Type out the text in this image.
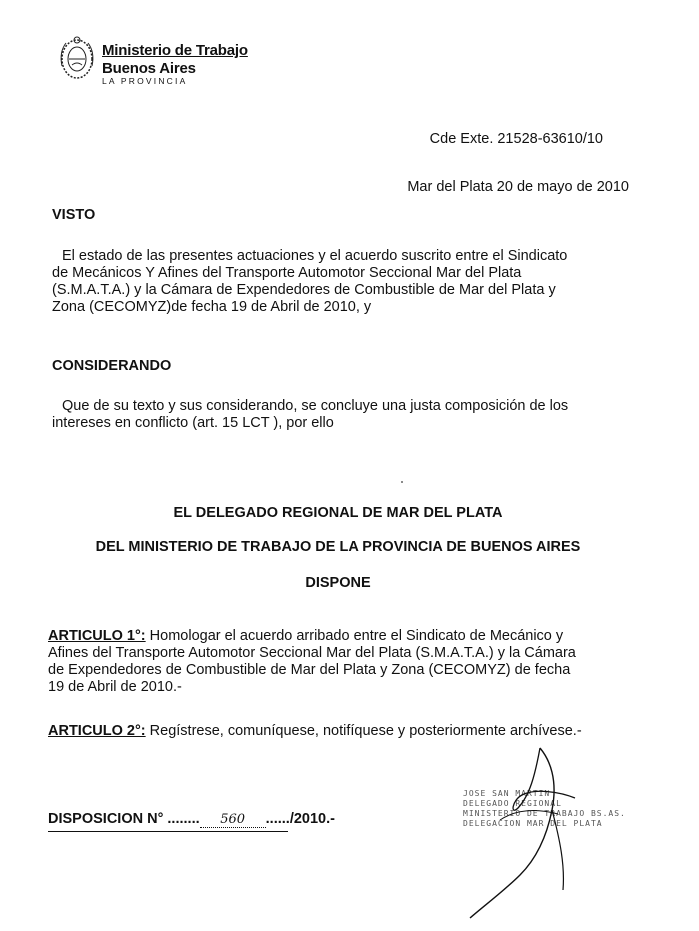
Ministerio de Trabajo
Buenos Aires
LA PROVINCIA
Cde Exte. 21528-63610/10
Mar del Plata 20 de mayo de 2010
VISTO
El estado de las presentes actuaciones y el acuerdo suscrito entre el Sindicato
de Mecánicos Y Afines del Transporte Automotor Seccional Mar del Plata
(S.M.A.T.A.) y la Cámara de Expendedores de Combustible de Mar del Plata y
Zona (CECOMYZ)de fecha 19 de Abril de 2010, y
CONSIDERANDO
Que de su texto y sus considerando, se concluye una justa composición de los
intereses en conflicto (art. 15 LCT ), por ello
EL DELEGADO REGIONAL DE MAR DEL PLATA
DEL MINISTERIO DE TRABAJO DE LA PROVINCIA DE BUENOS AIRES
DISPONE
ARTICULO 1°: Homologar el acuerdo arribado entre el Sindicato de Mecánico y
Afines del Transporte Automotor Seccional Mar del Plata (S.M.A.T.A.) y la Cámara
de Expendedores de Combustible de Mar del Plata y Zona (CECOMYZ) de fecha
19 de Abril de 2010.-
ARTICULO 2°: Regístrese, comuníquese, notifíquese y posteriormente archívese.-
JOSE SAN MARTIN
DELEGADO REGIONAL
MINISTERIO DE TRABAJO BS.AS.
DELEGACION MAR DEL PLATA
DISPOSICION N° ........ 560 ....../2010.-
